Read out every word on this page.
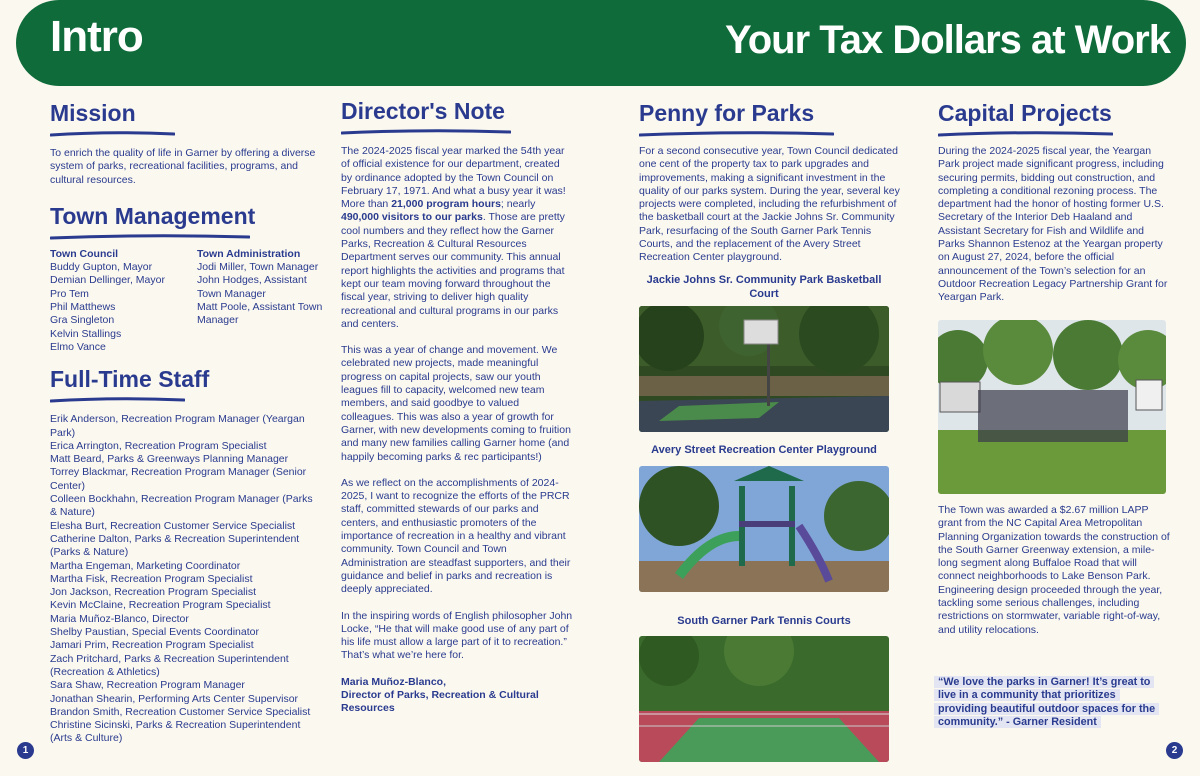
Intro	Your Tax Dollars at Work
Mission

To enrich the quality of life in Garner by offering a diverse system of parks, recreational facilities, programs, and cultural resources.

Town Management

Town Council

Buddy Gupton, Mayor

Demian Dellinger, Mayor Pro Tem

Phil Matthews

Gra Singleton

Kelvin Stallings

Elmo Vance

Town Administration

Jodi Miller, Town Manager

John Hodges, Assistant Town Manager

Matt Poole, Assistant Town Manager

Full-Time Staff

Erik Anderson, Recreation Program Manager (Yeargan Park)

Erica Arrington, Recreation Program Specialist

Matt Beard, Parks & Greenways Planning Manager

Torrey Blackmar, Recreation Program Manager (Senior Center)

Colleen Bockhahn, Recreation Program Manager (Parks & Nature)

Elesha Burt, Recreation Customer Service Specialist

Catherine Dalton, Parks & Recreation Superintendent (Parks & Nature)

Martha Engeman, Marketing Coordinator

Martha Fisk, Recreation Program Specialist

Jon Jackson, Recreation Program Specialist

Kevin McClaine, Recreation Program Specialist

Maria Muñoz-Blanco, Director

Shelby Paustian, Special Events Coordinator

Jamari Prim, Recreation Program Specialist

Zach Pritchard, Parks & Recreation Superintendent (Recreation & Athletics)

Sara Shaw, Recreation Program Manager

Jonathan Shearin, Performing Arts Center Supervisor

Brandon Smith, Recreation Customer Service Specialist

Christine Sicinski, Parks & Recreation Superintendent (Arts & Culture)

Director's Note

The 2024-2025 fiscal year marked the 54th year of official existence for our department, created by ordinance adopted by the Town Council on February 17, 1971. And what a busy year it was! More than 21,000 program hours; nearly 490,000 visitors to our parks. Those are pretty cool numbers and they reflect how the Garner Parks, Recreation & Cultural Resources Department serves our community. This annual report highlights the activities and programs that kept our team moving forward throughout the fiscal year, striving to deliver high quality recreational and cultural programs in our parks and centers.

This was a year of change and movement. We celebrated new projects, made meaningful progress on capital projects, saw our youth leagues fill to capacity, welcomed new team members, and said goodbye to valued colleagues. This was also a year of growth for Garner, with new developments coming to fruition and many new families calling Garner home (and happily becoming parks & rec participants!)

As we reflect on the accomplishments of 2024-2025, I want to recognize the efforts of the PRCR staff, committed stewards of our parks and centers, and enthusiastic promoters of the importance of recreation in a healthy and vibrant community. Town Council and Town Administration are steadfast supporters, and their guidance and belief in parks and recreation is deeply appreciated.

In the inspiring words of English philosopher John Locke, “He that will make good use of any part of his life must allow a large part of it to recreation.” That’s what we’re here for.

Maria Muñoz-Blanco,

Director of Parks, Recreation & Cultural Resources

Penny for Parks

For a second consecutive year, Town Council dedicated one cent of the property tax to park upgrades and improvements, making a significant investment in the quality of our parks system. During the year, several key projects were completed, including the refurbishment of the basketball court at the Jackie Johns Sr. Community Park, resurfacing of the South Garner Park Tennis Courts, and the replacement of the Avery Street Recreation Center playground.

Jackie Johns Sr. Community Park Basketball Court
Avery Street Recreation Center Playground
South Garner Park Tennis Courts
Capital Projects

During the 2024-2025 fiscal year, the Yeargan Park project made significant progress, including securing permits, bidding out construction, and completing a conditional rezoning process. The department had the honor of hosting former U.S. Secretary of the Interior Deb Haaland and Assistant Secretary for Fish and Wildlife and Parks Shannon Estenoz at the Yeargan property on August 27, 2024, before the official announcement of the Town’s selection for an Outdoor Recreation Legacy Partnership Grant for Yeargan Park.

The Town was awarded a $2.67 million LAPP grant from the NC Capital Area Metropolitan Planning Organization towards the construction of the South Garner Greenway extension, a mile-long segment along Buffaloe Road that will connect neighborhoods to Lake Benson Park. Engineering design proceeded through the year, tackling some serious challenges, including restrictions on stormwater, variable right-of-way, and utility relocations.

“We love the parks in Garner! It’s great to live in a community that prioritizes providing beautiful outdoor spaces for the community.” - Garner Resident
1	2
